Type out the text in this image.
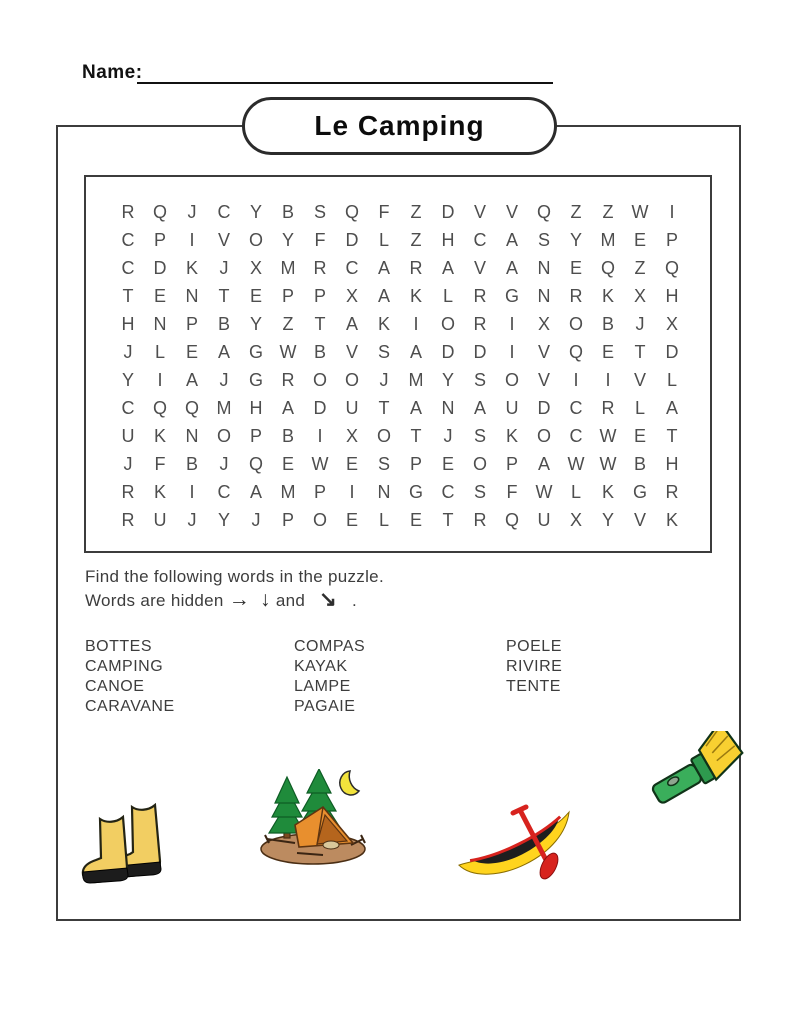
Name:
Le Camping
R	Q	J	C	Y	B	S	Q	F	Z	D	V	V	Q	Z	Z	W	I
C	P	I	V	O	Y	F	D	L	Z	H	C	A	S	Y	M	E	P
C	D	K	J	X	M	R	C	A	R	A	V	A	N	E	Q	Z	Q
T	E	N	T	E	P	P	X	A	K	L	R	G	N	R	K	X	H
H	N	P	B	Y	Z	T	A	K	I	O	R	I	X	O	B	J	X
J	L	E	A	G W B	V	S	A	D	D	I	V	Q	E	T	D
Y	I	A	J	G	R	O O	J	M	Y	S	O	V	I	I	V	L
C	Q Q M	H	A	D	U	T	A	N	A	U	D	C	R	L	A
U	K	N	O	P	B	I	X	O	T	J	S	K	O	C W E	T
J	F	B	J	Q	E W E	S	P	E	O	P	A W W B	H
R	K	I	C	A	M	P	I	N	G	C	S	F	W	L	K	G	R
R	U	J	Y	J	P	O	E	L	E	T	R	Q	U	X	Y	V	K
Find the following words in the puzzle.
Words are hidden → ↓ and ↘ .
BOTTES
CAMPING
CANOE
CARAVANE
COMPAS
KAYAK
LAMPE
PAGAIE
POELE
RIVIRE
TENTE
